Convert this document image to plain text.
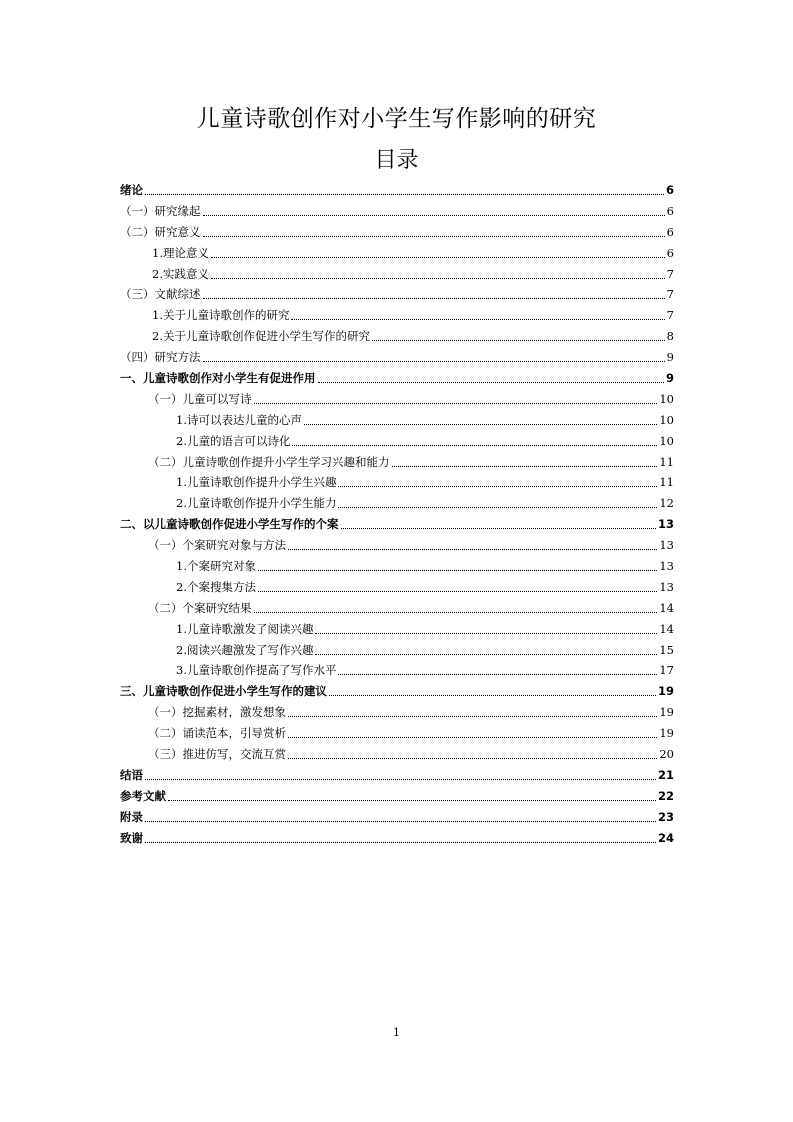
儿童诗歌创作对小学生写作影响的研究
目录
绪论	6
（一）研究缘起	6
（二）研究意义	6
1.理论意义	6
2.实践意义	7
（三）文献综述	7
1.关于儿童诗歌创作的研究	7
2.关于儿童诗歌创作促进小学生写作的研究	8
（四）研究方法	9
一、儿童诗歌创作对小学生有促进作用	9
（一）儿童可以写诗	10
1.诗可以表达儿童的心声	10
2.儿童的语言可以诗化	10
（二）儿童诗歌创作提升小学生学习兴趣和能力	11
1.儿童诗歌创作提升小学生兴趣	11
2.儿童诗歌创作提升小学生能力	12
二、以儿童诗歌创作促进小学生写作的个案	13
（一）个案研究对象与方法	13
1.个案研究对象	13
2.个案搜集方法	13
（二）个案研究结果	14
1.儿童诗歌激发了阅读兴趣	14
2.阅读兴趣激发了写作兴趣	15
3.儿童诗歌创作提高了写作水平	17
三、儿童诗歌创作促进小学生写作的建议	19
（一）挖掘素材，激发想象	19
（二）诵读范本，引导赏析	19
（三）推进仿写，交流互赏	20
结语	21
参考文献	22
附录	23
致谢	24
1
